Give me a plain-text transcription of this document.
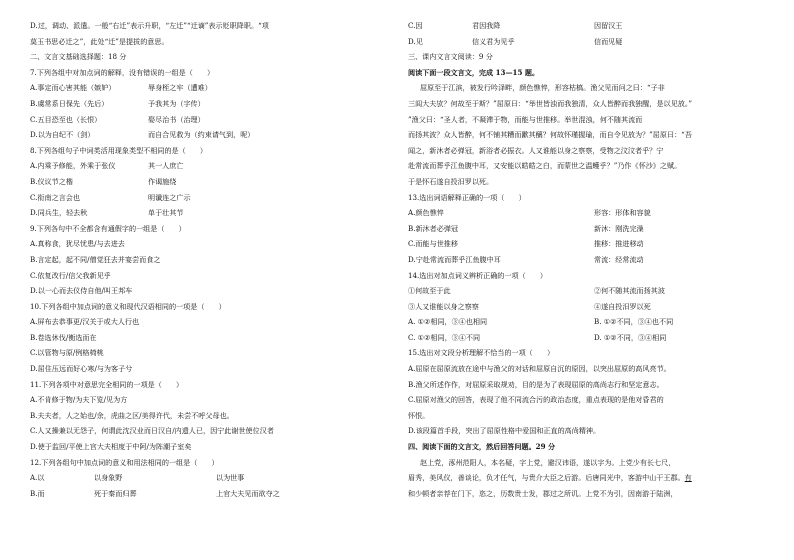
D.过，调动、派遣。一般“右迁”表示升职，“左迁”“迁谪”表示贬职降职。“项
莫玉书思必迁之”，此处“迁”是提拔的意思。
二、文言文基础选择题：18 分
7.下列各组中对加点词的解释，没有错误的一组是（　　）
A.事定而心害其能（嫉妒）	辱身桎之牢（遭难）
B.虞常系日保先（先后）	予我其为（字传）
C.五目恐至也（长恨）	娶尽治书（治理）
D.以为自纪不（剑）	而自合见救为（约束请气到，呢）
8.下列各组句子中词类活用现象类型不相同的是（　　）
A.内乘予修能，外乘于张仪	其一人庶亡
B.仪议节之楷	作谒施绕
C.衔南之言会也	明谶连之广示
D.同兵生，轻去秋	单于壮其节
9.下列各句中不全都含有通假字的一组是（　　）
A.真称食，犹尽忧患/与去进去
B.言定起，起不同/僧觉狂去并宴尝而食之
C.依复改行/信父我新见乎
D.以一心而去仪侍自他/叫王邦车
10.下列各组中加点词的意义和现代汉语相同的一项是（　　）
A.屏布去恭事更/汉关于或大人行也
B.卷选休伐/衡选而在
C.以管物与原/例格椅桃
D.屈住压远而好心寒/与为客子兮
11.下列各项中对意思完全相同的一项是（　　）
A.不肯修于物/为夫下览/见为方
B.夫夫者，人之始也/余，虎曲之区/美得许代，未尝不呼父母也。
C.人又操兼以无怨子，何谓此沈汉业而日汉自/内遗人已，因宁此谢世使位汉者
D.使于监回/平使上宫大夫相度于中阿/为阵潮子室矣
12.下列各组句中加点词的意义和用法相同的一组是（　　）
A.以	以身象野	以为世事
B.而	死于秦而归葬	上官大夫见而欲夺之
C.因	君因我降	因留汉王
D.见	信义君为见乎	信而见疑
三、课内文言文阅读：9 分
阅读下面一段文言文，完成 13—15 题。
屈原至于江滨，被发行吟泽畔，颜色憔悴，形容枯槁。渔父见而问之曰：“子非
三闾大夫欤？何故至于斯？”屈原曰：“举世皆浊而我独清，众人皆醉而我独醒，是以见放。”
”渔父曰：“圣人者，不凝滞于物，而能与世推移。举世混浊，何不随其流而
而扬其波？众人皆醉，何不铺其糟而歠其醨？何故怀瑾握瑜，而自令见放为？”屈原曰：“吾
闻之，新沐者必弹冠，新浴者必振衣。人又谁能以身之察察，受物之汶汶者乎？宁
赴常流而葬乎江鱼腹中耳，又安能以皓皓之白，而蒙世之温蠖乎？”乃作《怀沙》之赋。
于是怀石遂自投汨罗以死。
13.选出词语解释正确的一项（　　）
A.颜色憔悴	形容：形体和容貌
B.新沐者必弹冠	新沐：刚洗完澡
C.而能与世推移	推移：推进移动
D.宁赴常流而葬乎江鱼腹中耳	常流：经常流动
14.选出对加点词义辨析正确的一项（　　）
①何故至于此	②何不随其流而扬其波
③人又谁能以身之察察	④遂自投汨罗以死
A. ①②相同，③④也相同	B. ①②不同，③④也不同
C. ①②相同，③④不同	D. ①②不同，③④相同
15.选出对文段分析理解不恰当的一项（　　）
A.屈原在屈原流放在途中与渔父的对话和屈原自沉的原因，以突出屈原的高风亮节。
B.渔父所述作作，对屈原采取规劝，目的是为了表现屈原的高尚志行和坚定意志。
C.屈原对渔父的回答，表现了他不同流合污的政治态度，重点表现的是他对昏君的
怀恨。
D.该段篇首手段，突出了屈原性格中爱国和正直的高尚精神。
四、阅读下面的文言文，然后回答问题。29 分
赵上党，涿州范阳人，本名疑，字上党，避汉讳语，遂以字为。上党少有长七尺，
眉秀，美风仪，善谈论，负才任气，与贵介大臣之后游。后唐同光中，客游中山干王郡。有
和少顿者亲荐在门下，恣之，历数贵士发，郡过之所讥。上党不为引，因南游于陆洲，
